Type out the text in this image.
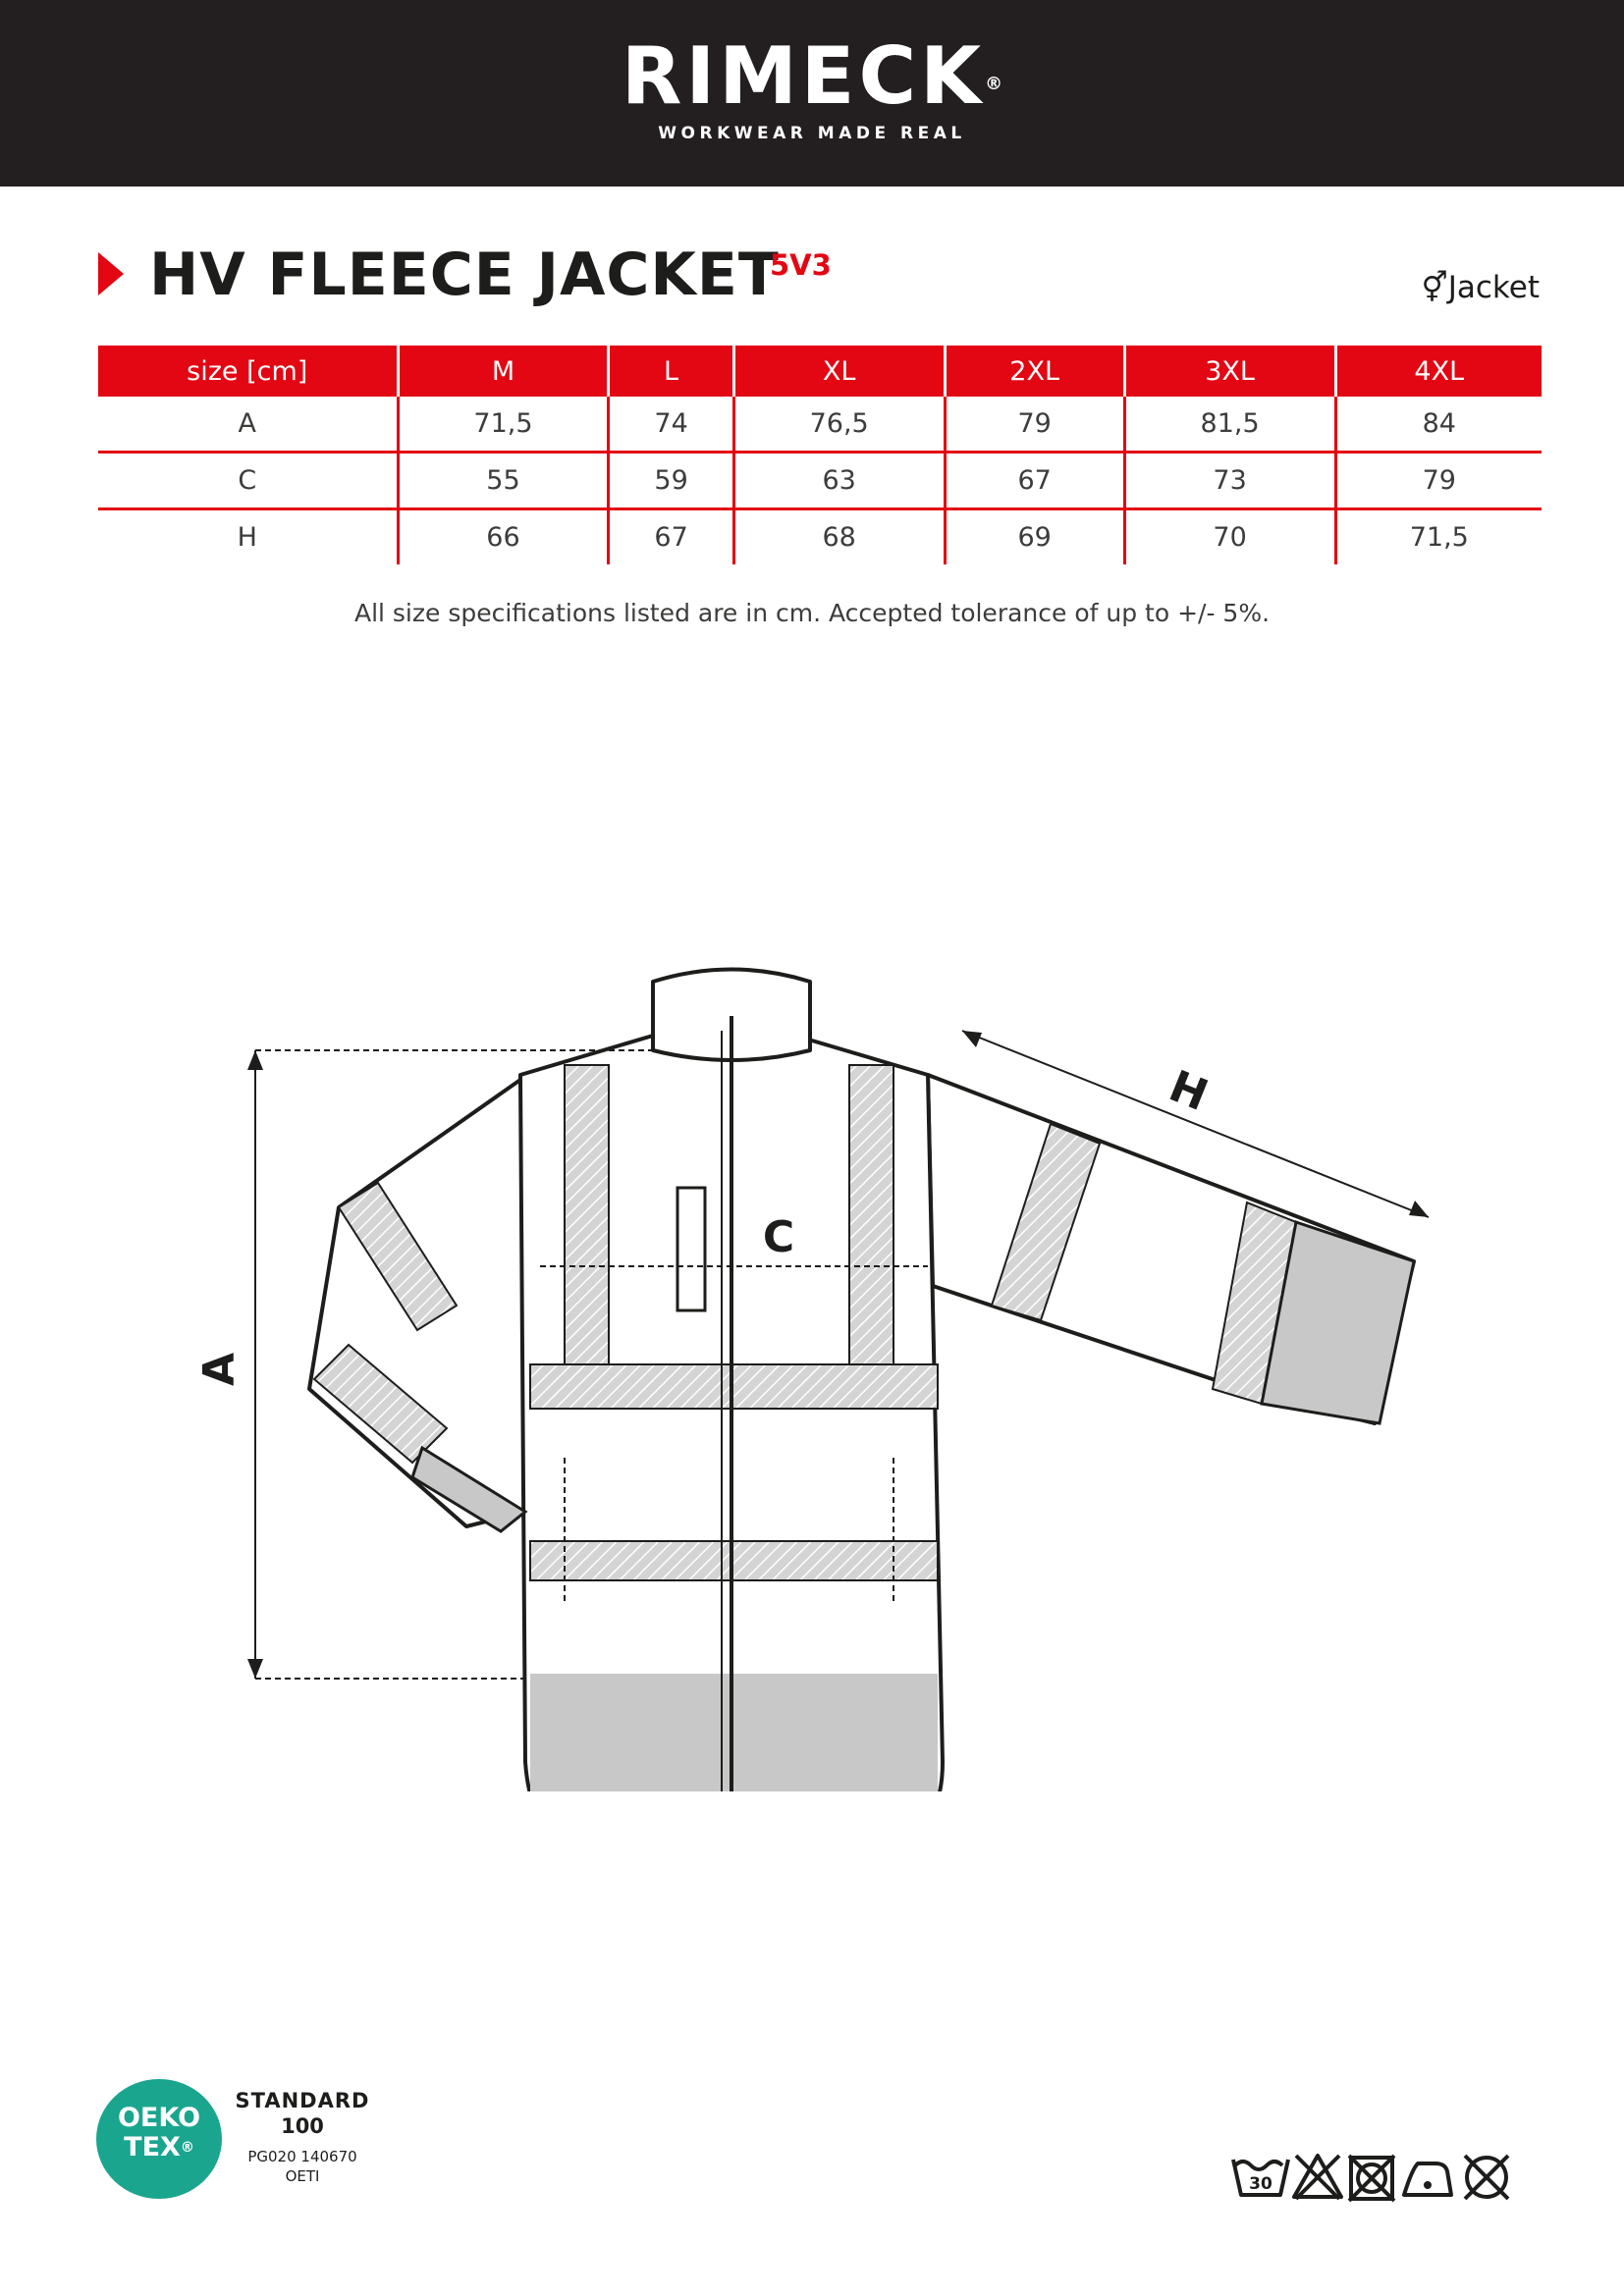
RIMECK®
WORKWEAR MADE REAL
HV FLEECE JACKET
5V3
⚥Jacket
size [cm]	M	L	XL	2XL	3XL	4XL
A	71,5	74	76,5	79	81,5	84
C	55	59	63	67	73	79
H	66	67	68	69	70	71,5
All size specifications listed are in cm. Accepted tolerance of up to +/- 5%.
A
C
H
OEKO
TEX®
STANDARD
100
PG020 140670
OETI	30
